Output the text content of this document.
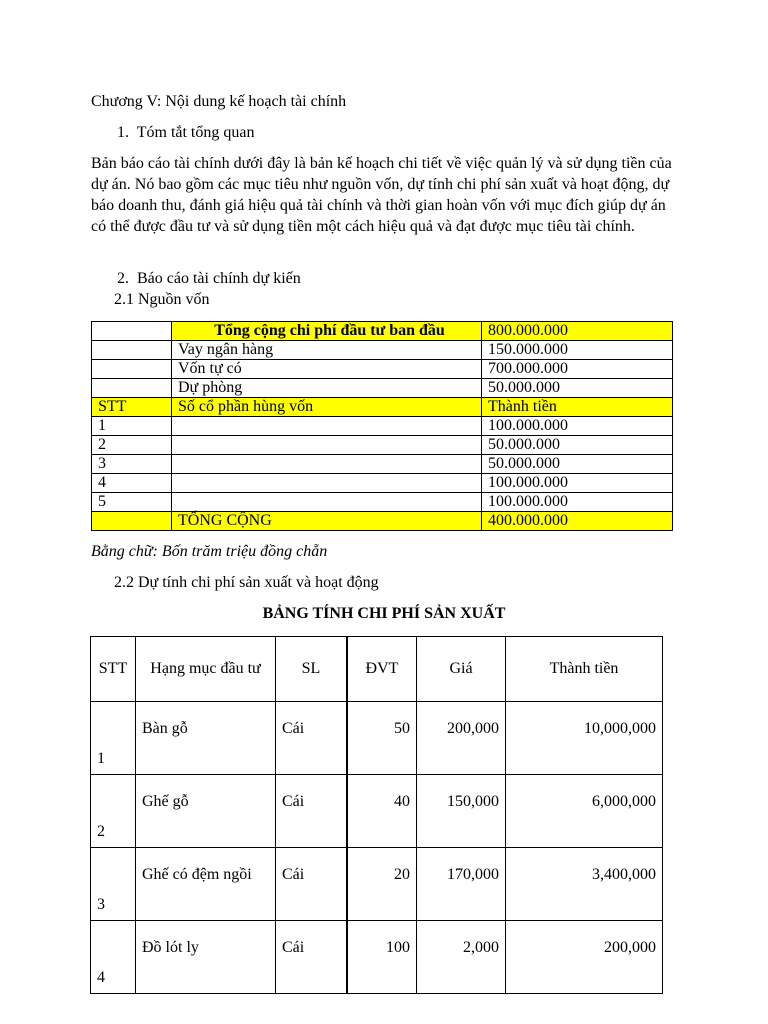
Chương V: Nội dung kế hoạch tài chính
1. Tóm tắt tổng quan

Bản báo cáo tài chính dưới đây là bản kế hoạch chi tiết về việc quản lý và sử dụng tiền của dự án. Nó bao gồm các mục tiêu như nguồn vốn, dự tính chi phí sản xuất và hoạt động, dự báo doanh thu, đánh giá hiệu quả tài chính và thời gian hoàn vốn với mục đích giúp dự án có thể được đầu tư và sử dụng tiền một cách hiệu quả và đạt được mục tiêu tài chính.

2. Báo cáo tài chính dự kiến
2.1 Nguồn vốn
	Tổng cộng chi phí đầu tư ban đầu	800.000.000
	Vay ngân hàng	150.000.000
	Vốn tự có	700.000.000
	Dự phòng	50.000.000
STT	Số cổ phần hùng vốn	Thành tiền
1		100.000.000
2		50.000.000
3		50.000.000
4		100.000.000
5		100.000.000
	TỔNG CỘNG	400.000.000
Bằng chữ: Bốn trăm triệu đồng chẵn
2.2 Dự tính chi phí sản xuất và hoạt động
BẢNG TÍNH CHI PHÍ SẢN XUẤT
STT	Hạng mục đầu tư	SL	ĐVT	Giá	Thành tiền
1	Bàn gỗ	Cái	50	200,000	10,000,000
2	Ghế gỗ	Cái	40	150,000	6,000,000
3	Ghế có đệm ngồi	Cái	20	170,000	3,400,000
4	Đồ lót ly	Cái	100	2,000	200,000
